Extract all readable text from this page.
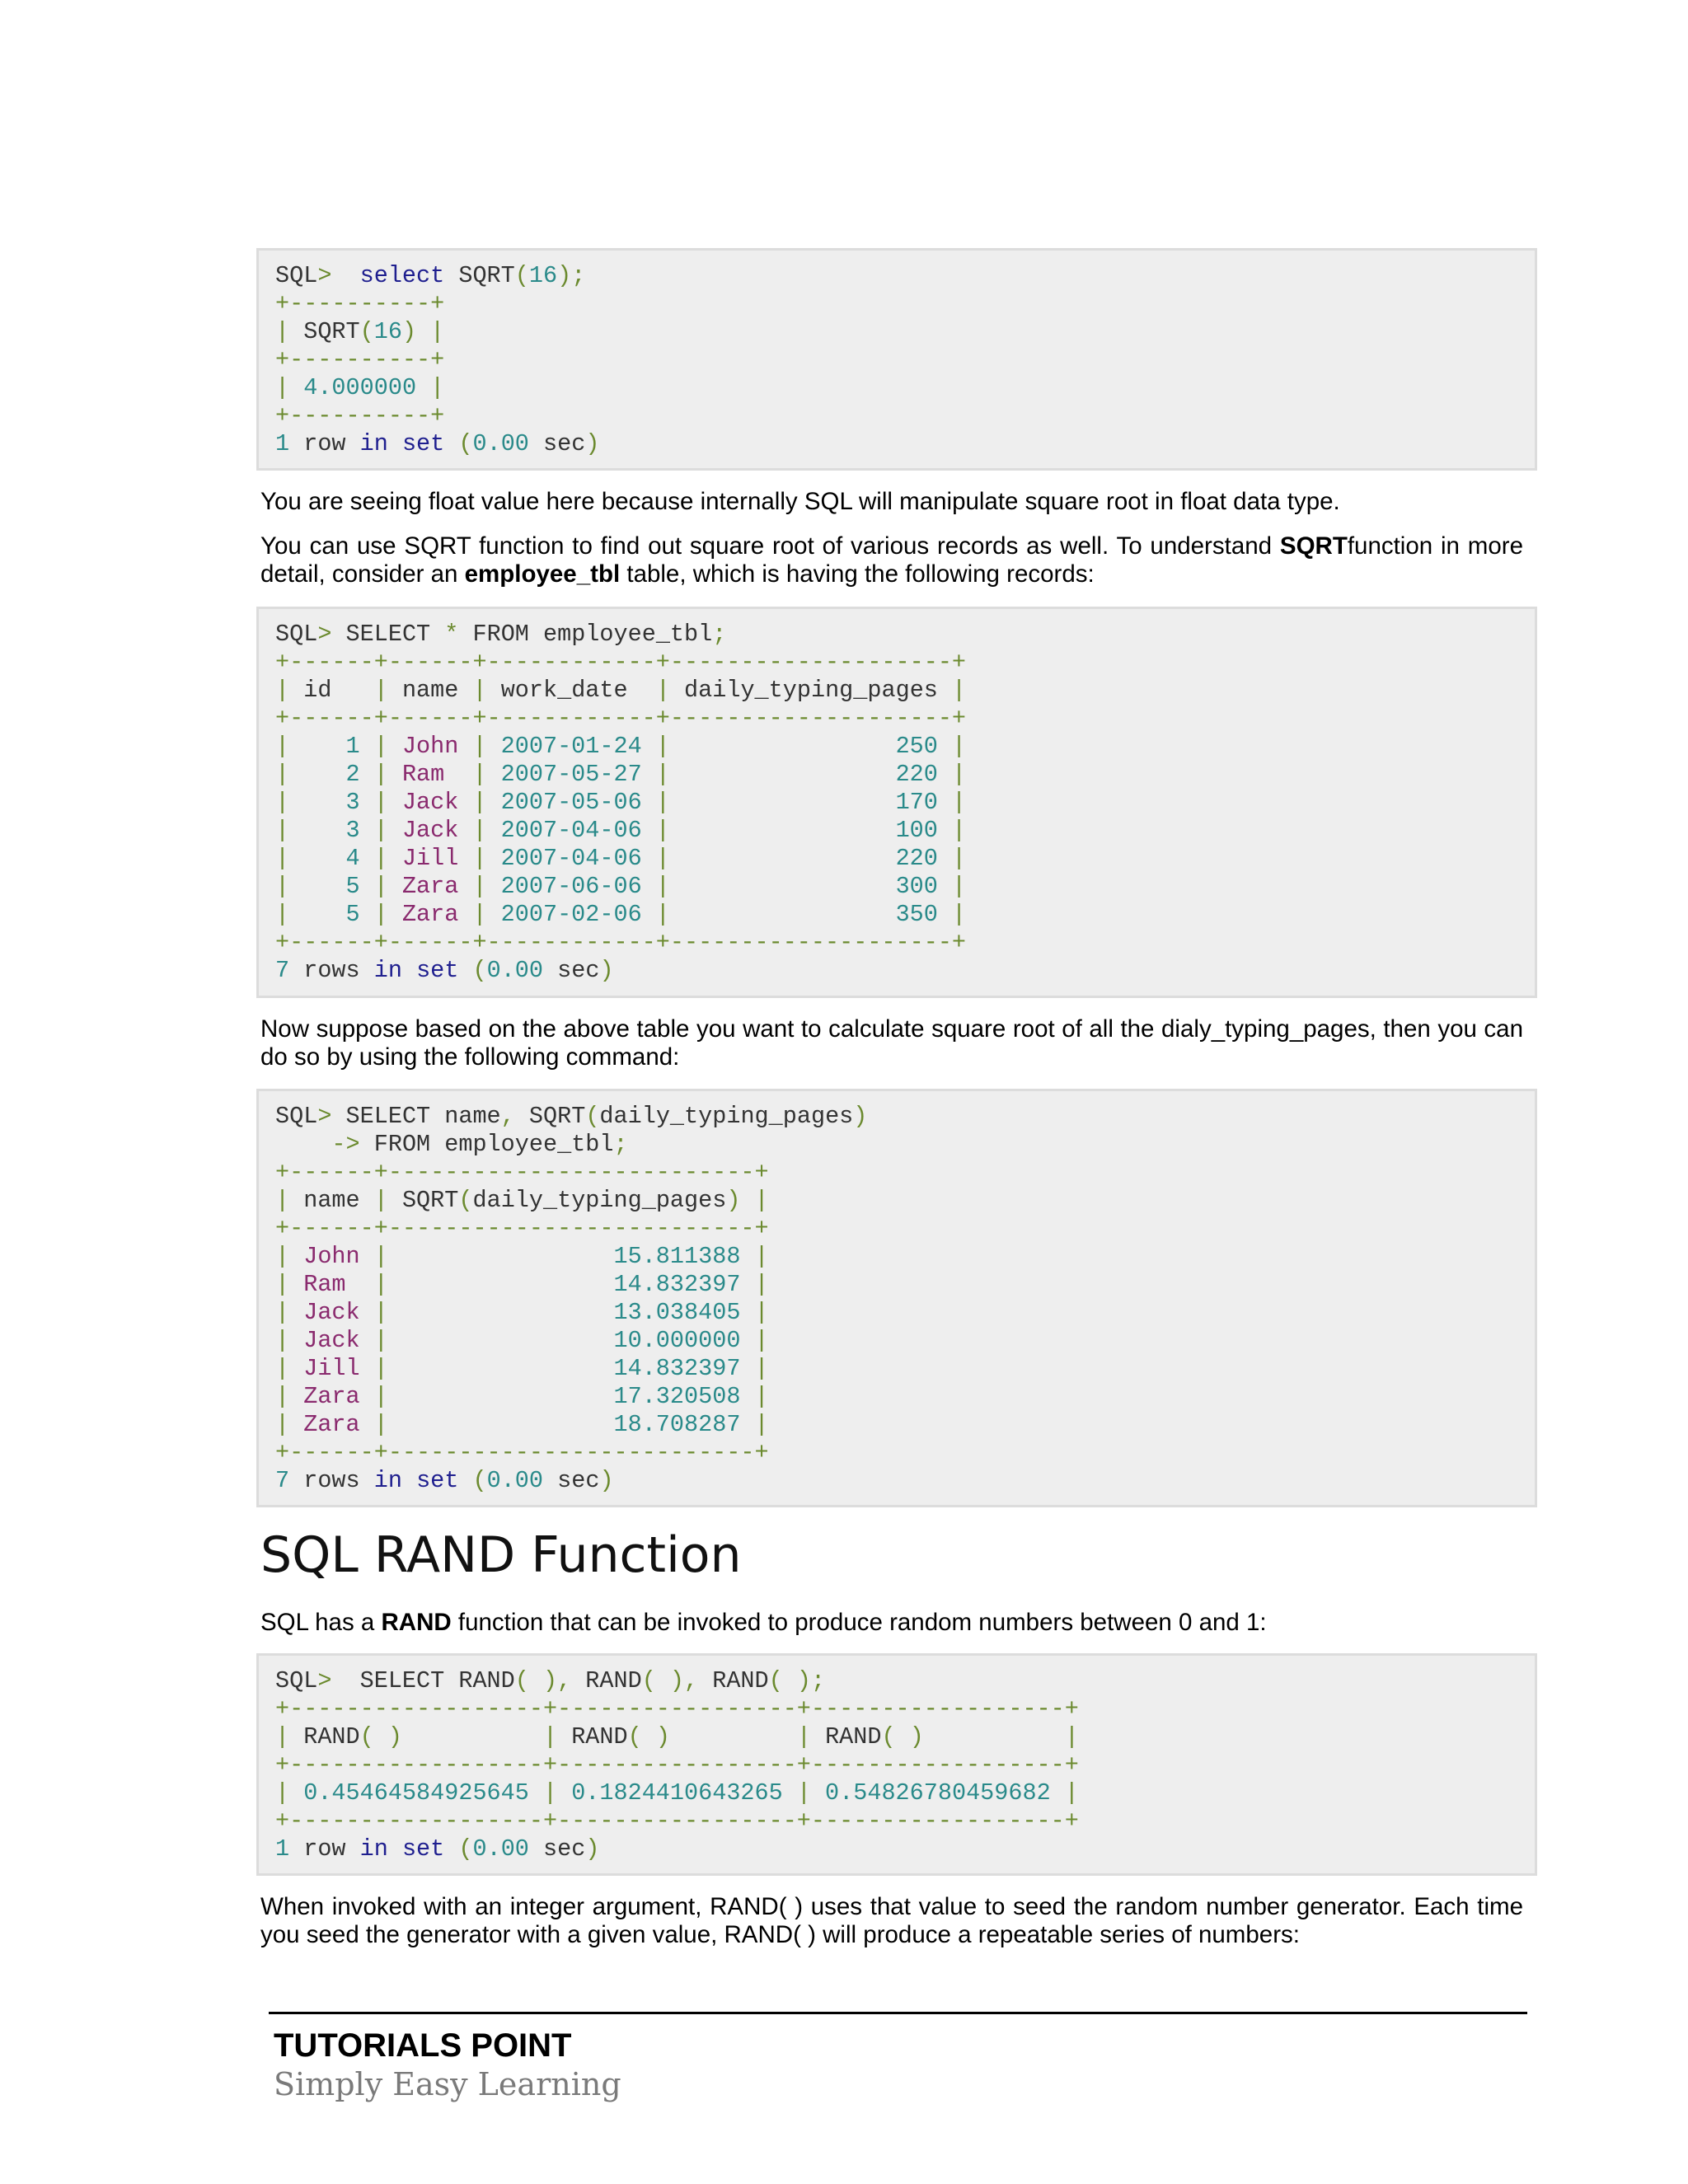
SQL>  select SQRT(16);
+----------+
| SQRT(16) |
+----------+
| 4.000000 |
+----------+
1 row in set (0.00 sec)
You are seeing float value here because internally SQL will manipulate square root in float data type.
You can use SQRT function to find out square root of various records as well. To understand SQRTfunction in more detail, consider an employee_tbl table, which is having the following records:
SQL> SELECT * FROM employee_tbl;
+------+------+------------+--------------------+
| id   | name | work_date  | daily_typing_pages |
+------+------+------------+--------------------+
|    1 | John | 2007-01-24 |                250 |
|    2 | Ram  | 2007-05-27 |                220 |
|    3 | Jack | 2007-05-06 |                170 |
|    3 | Jack | 2007-04-06 |                100 |
|    4 | Jill | 2007-04-06 |                220 |
|    5 | Zara | 2007-06-06 |                300 |
|    5 | Zara | 2007-02-06 |                350 |
+------+------+------------+--------------------+
7 rows in set (0.00 sec)
Now suppose based on the above table you want to calculate square root of all the dialy_typing_pages, then you can do so by using the following command:
SQL> SELECT name, SQRT(daily_typing_pages)
-> FROM employee_tbl;
+------+--------------------------+
| name | SQRT(daily_typing_pages) |
+------+--------------------------+
| John |                15.811388 |
| Ram  |                14.832397 |
| Jack |                13.038405 |
| Jack |                10.000000 |
| Jill |                14.832397 |
| Zara |                17.320508 |
| Zara |                18.708287 |
+------+--------------------------+
7 rows in set (0.00 sec)
SQL RAND Function
SQL has a RAND function that can be invoked to produce random numbers between 0 and 1:
SQL>  SELECT RAND( ), RAND( ), RAND( );
+------------------+-----------------+------------------+
| RAND( )          | RAND( )         | RAND( )          |
+------------------+-----------------+------------------+
| 0.45464584925645 | 0.1824410643265 | 0.54826780459682 |
+------------------+-----------------+------------------+
1 row in set (0.00 sec)
When invoked with an integer argument, RAND( ) uses that value to seed the random number generator. Each time you seed the generator with a given value, RAND( ) will produce a repeatable series of numbers:
TUTORIALS POINT
Simply Easy Learning
